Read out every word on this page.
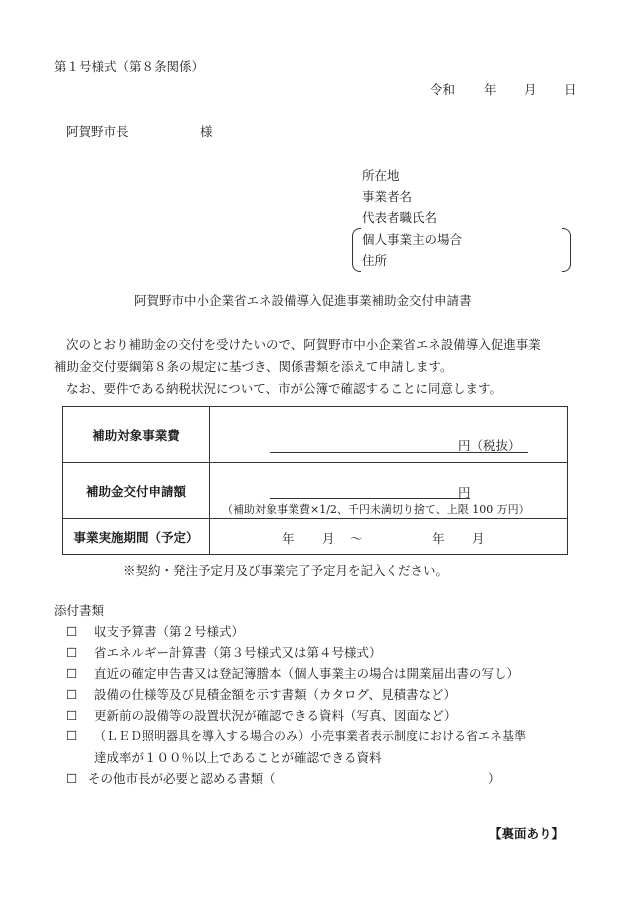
第１号様式（第８条関係）
令和 年 月 日
阿賀野市長	様
所在地
事業者名
代表者職氏名
個人事業主の場合
住所
阿賀野市中小企業省エネ設備導入促進事業補助金交付申請書
次のとおり補助金の交付を受けたいので、阿賀野市中小企業省エネ設備導入促進事業
補助金交付要綱第８条の規定に基づき、関係書類を添えて申請します。
なお、要件である納税状況について、市が公簿で確認することに同意します。
補助対象事業費	円（税抜）

補助金交付申請額	円
（補助対象事業費×1/2、千円未満切り捨て、上限 100 万円）

事業実施期間（予定）	年 月 ～ 年 月
※契約・発注予定月及び事業完了予定月を記入ください。
添付書類
☐ 収支予算書（第２号様式）
☐ 省エネルギー計算書（第３号様式又は第４号様式）
☐ 直近の確定申告書又は登記簿謄本（個人事業主の場合は開業届出書の写し）
☐ 設備の仕様等及び見積金額を示す書類（カタログ、見積書など）
☐ 更新前の設備等の設置状況が確認できる資料（写真、図面など）
☐ （ＬＥＤ照明器具を導入する場合のみ）小売事業者表示制度における省エネ基準
達成率が１００％以上であることが確認できる資料
☐ その他市長が必要と認める書類（	）
【裏面あり】
